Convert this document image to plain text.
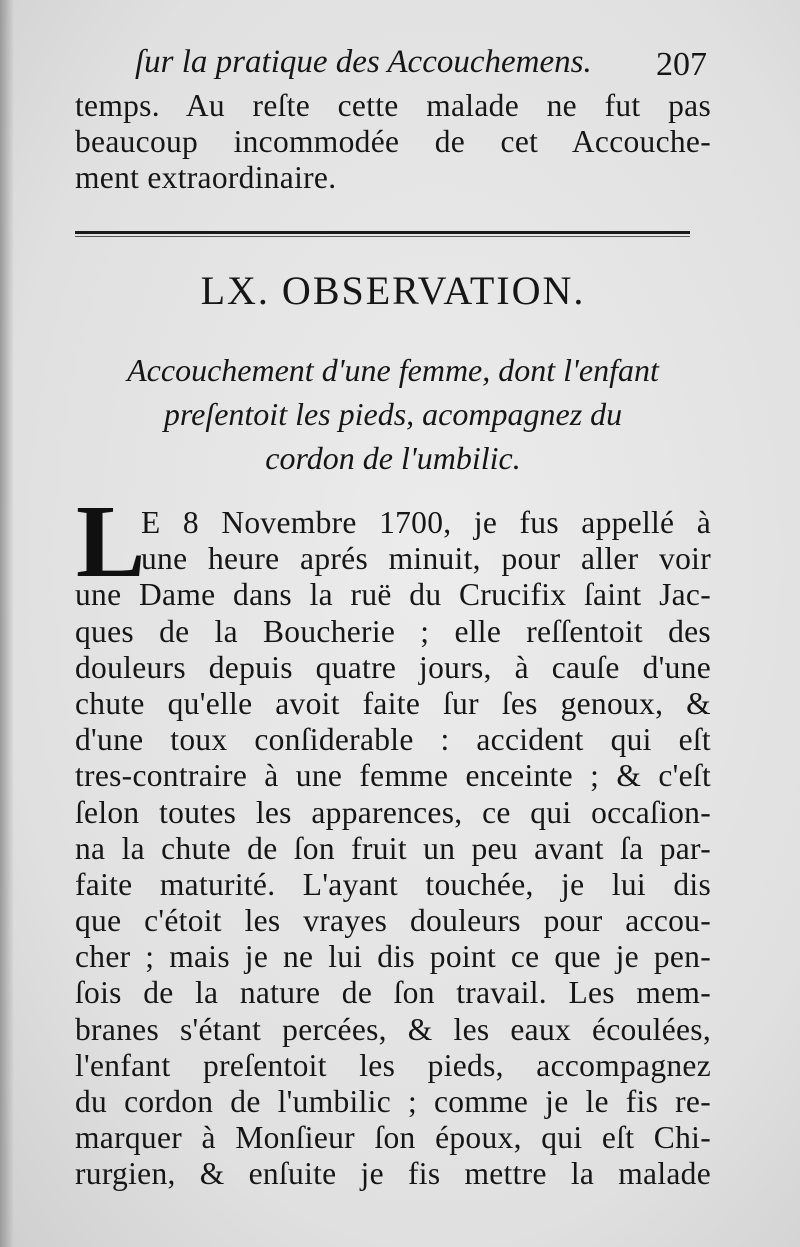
ſur la pratique des Accouchemens. 207
temps. Au reſte cette malade ne fut pas
beaucoup incommodée de cet Accouche-
ment extraordinaire.
LX. OBSERVATION.
Accouchement d'une femme, dont l'enfant
preſentoit les pieds, acompagnez du
cordon de l'umbilic.
L
E 8 Novembre 1700, je fus appellé à
une heure aprés minuit, pour aller voir
une Dame dans la ruë du Crucifix ſaint Jac-
ques de la Boucherie ; elle reſſentoit des
douleurs depuis quatre jours, à cauſe d'une
chute qu'elle avoit faite ſur ſes genoux, &
d'une toux conſiderable : accident qui eſt
tres-contraire à une femme enceinte ; & c'eſt
ſelon toutes les apparences, ce qui occaſion-
na la chute de ſon fruit un peu avant ſa par-
faite maturité. L'ayant touchée, je lui dis
que c'étoit les vrayes douleurs pour accou-
cher ; mais je ne lui dis point ce que je pen-
ſois de la nature de ſon travail. Les mem-
branes s'étant percées, & les eaux écoulées,
l'enfant preſentoit les pieds, accompagnez
du cordon de l'umbilic ; comme je le fis re-
marquer à Monſieur ſon époux, qui eſt Chi-
rurgien, & enſuite je fis mettre la malade
